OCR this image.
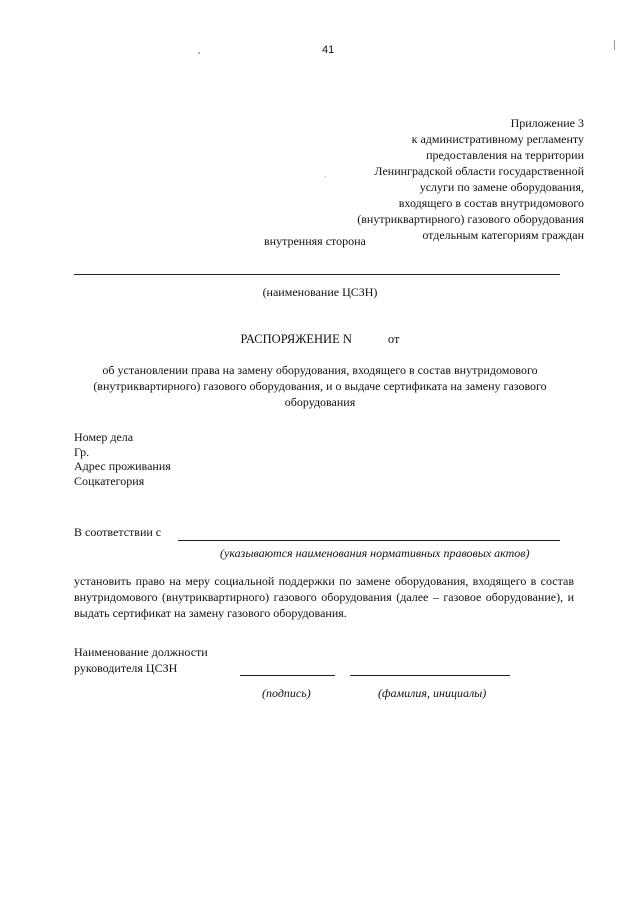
41
Приложение 3
к административному регламенту
предоставления на территории
Ленинградской области государственной
услуги по замене оборудования,
входящего в состав внутридомового
(внутриквартирного) газового оборудования
отдельным категориям граждан
внутренняя сторона
(наименование ЦСЗН)
РАСПОРЯЖЕНИЕ N	от
об установлении права на замену оборудования, входящего в состав внутридомового (внутриквартирного) газового оборудования, и о выдаче сертификата на замену газового оборудования
Номер дела
Гр.
Адрес проживания
Соцкатегория
В соответствии с
(указываются наименования нормативных правовых актов)
установить право на меру социальной поддержки по замене оборудования, входящего в состав внутридомового (внутриквартирного) газового оборудования (далее – газовое оборудование), и выдать сертификат на замену газового оборудования.
Наименование должности
руководителя ЦСЗН
(подпись)	(фамилия, инициалы)
